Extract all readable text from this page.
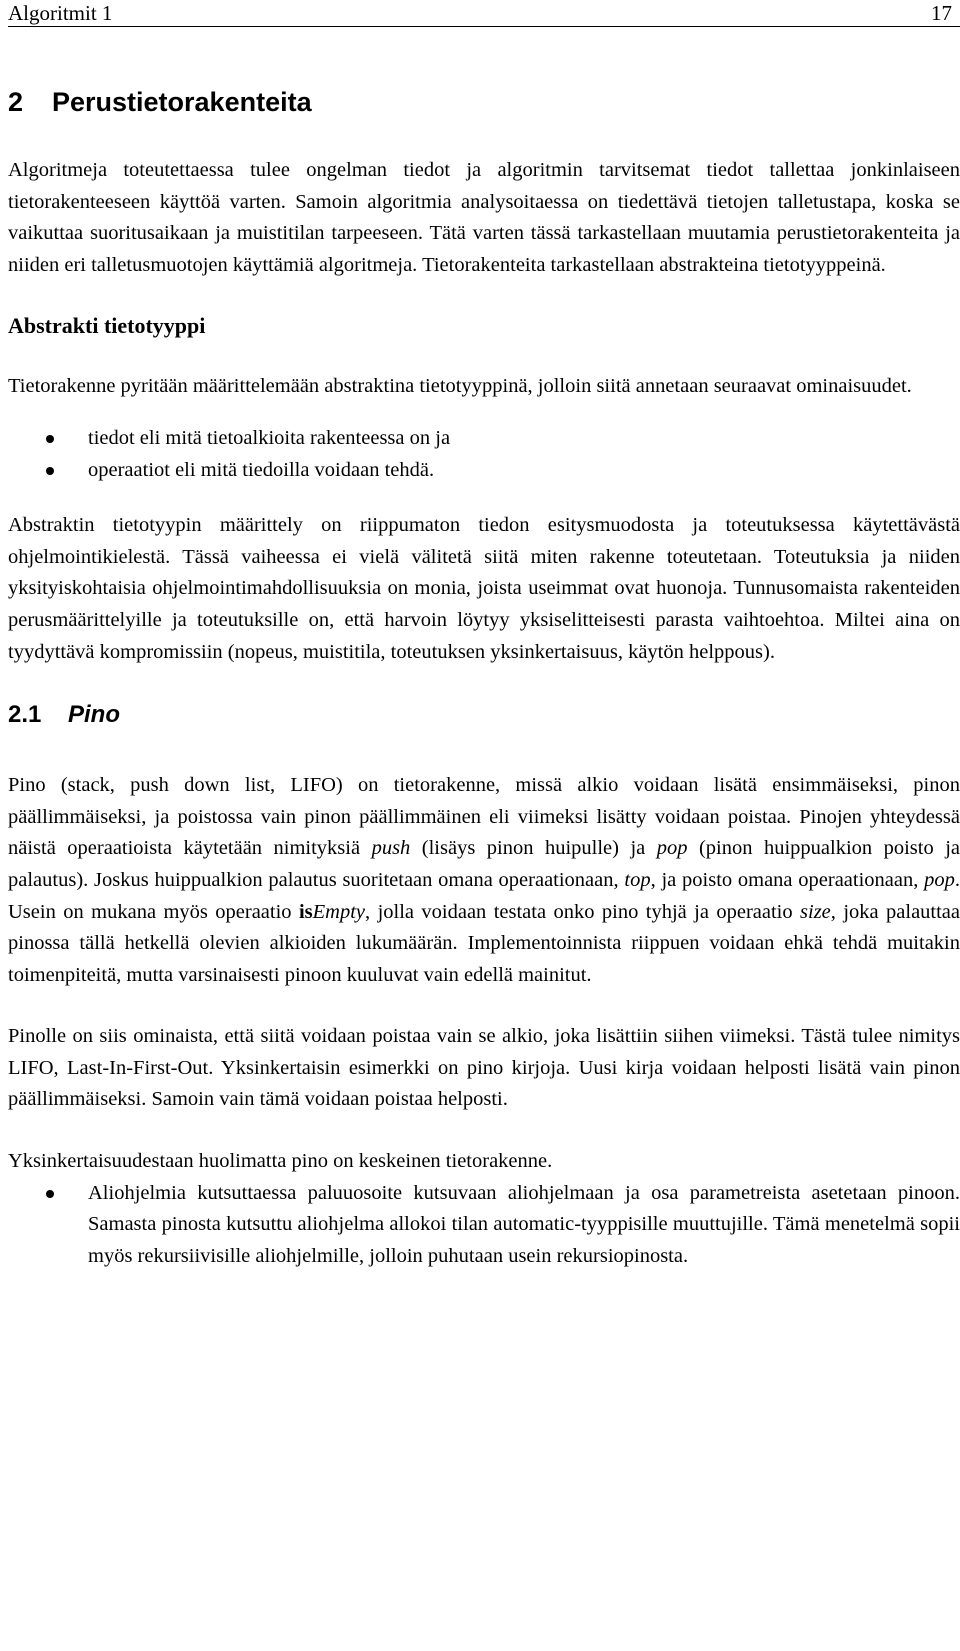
Algoritmit 1	17
2 Perustietorakenteita

Algoritmeja toteutettaessa tulee ongelman tiedot ja algoritmin tarvitsemat tiedot tallettaa jonkinlaiseen tietorakenteeseen käyttöä varten. Samoin algoritmia analysoitaessa on tiedettävä tietojen talletustapa, koska se vaikuttaa suoritusaikaan ja muistitilan tarpeeseen. Tätä varten tässä tarkastellaan muutamia perustietorakenteita ja niiden eri talletusmuotojen käyttämiä algoritmeja. Tietorakenteita tarkastellaan abstrakteina tietotyyppeinä.

Abstrakti tietotyyppi

Tietorakenne pyritään määrittelemään abstraktina tietotyyppinä, jolloin siitä annetaan seuraavat ominaisuudet.

tiedot eli mitä tietoalkioita rakenteessa on ja
operaatiot eli mitä tiedoilla voidaan tehdä.

Abstraktin tietotyypin määrittely on riippumaton tiedon esitysmuodosta ja toteutuksessa käytettävästä ohjelmointikielestä. Tässä vaiheessa ei vielä välitetä siitä miten rakenne toteutetaan. Toteutuksia ja niiden yksityiskohtaisia ohjelmointimahdollisuuksia on monia, joista useimmat ovat huonoja. Tunnusomaista rakenteiden perusmäärittelyille ja toteutuksille on, että harvoin löytyy yksiselitteisesti parasta vaihtoehtoa. Miltei aina on tyydyttävä kompromissiin (nopeus, muistitila, toteutuksen yksinkertaisuus, käytön helppous).

2.1 Pino

Pino (stack, push down list, LIFO) on tietorakenne, missä alkio voidaan lisätä ensimmäiseksi, pinon päällimmäiseksi, ja poistossa vain pinon päällimmäinen eli viimeksi lisätty voidaan poistaa. Pinojen yhteydessä näistä operaatioista käytetään nimityksiä push (lisäys pinon huipulle) ja pop (pinon huippualkion poisto ja palautus). Joskus huippualkion palautus suoritetaan omana operaationaan, top, ja poisto omana operaationaan, pop. Usein on mukana myös operaatio isEmpty, jolla voidaan testata onko pino tyhjä ja operaatio size, joka palauttaa pinossa tällä hetkellä olevien alkioiden lukumäärän. Implementoinnista riippuen voidaan ehkä tehdä muitakin toimenpiteitä, mutta varsinaisesti pinoon kuuluvat vain edellä mainitut.

Pinolle on siis ominaista, että siitä voidaan poistaa vain se alkio, joka lisättiin siihen viimeksi. Tästä tulee nimitys LIFO, Last-In-First-Out. Yksinkertaisin esimerkki on pino kirjoja. Uusi kirja voidaan helposti lisätä vain pinon päällimmäiseksi. Samoin vain tämä voidaan poistaa helposti.

Yksinkertaisuudestaan huolimatta pino on keskeinen tietorakenne.

Aliohjelmia kutsuttaessa paluuosoite kutsuvaan aliohjelmaan ja osa parametreista asetetaan pinoon. Samasta pinosta kutsuttu aliohjelma allokoi tilan automatic-tyyppisille muuttujille. Tämä menetelmä sopii myös rekursiivisille aliohjelmille, jolloin puhutaan usein rekursiopinosta.
